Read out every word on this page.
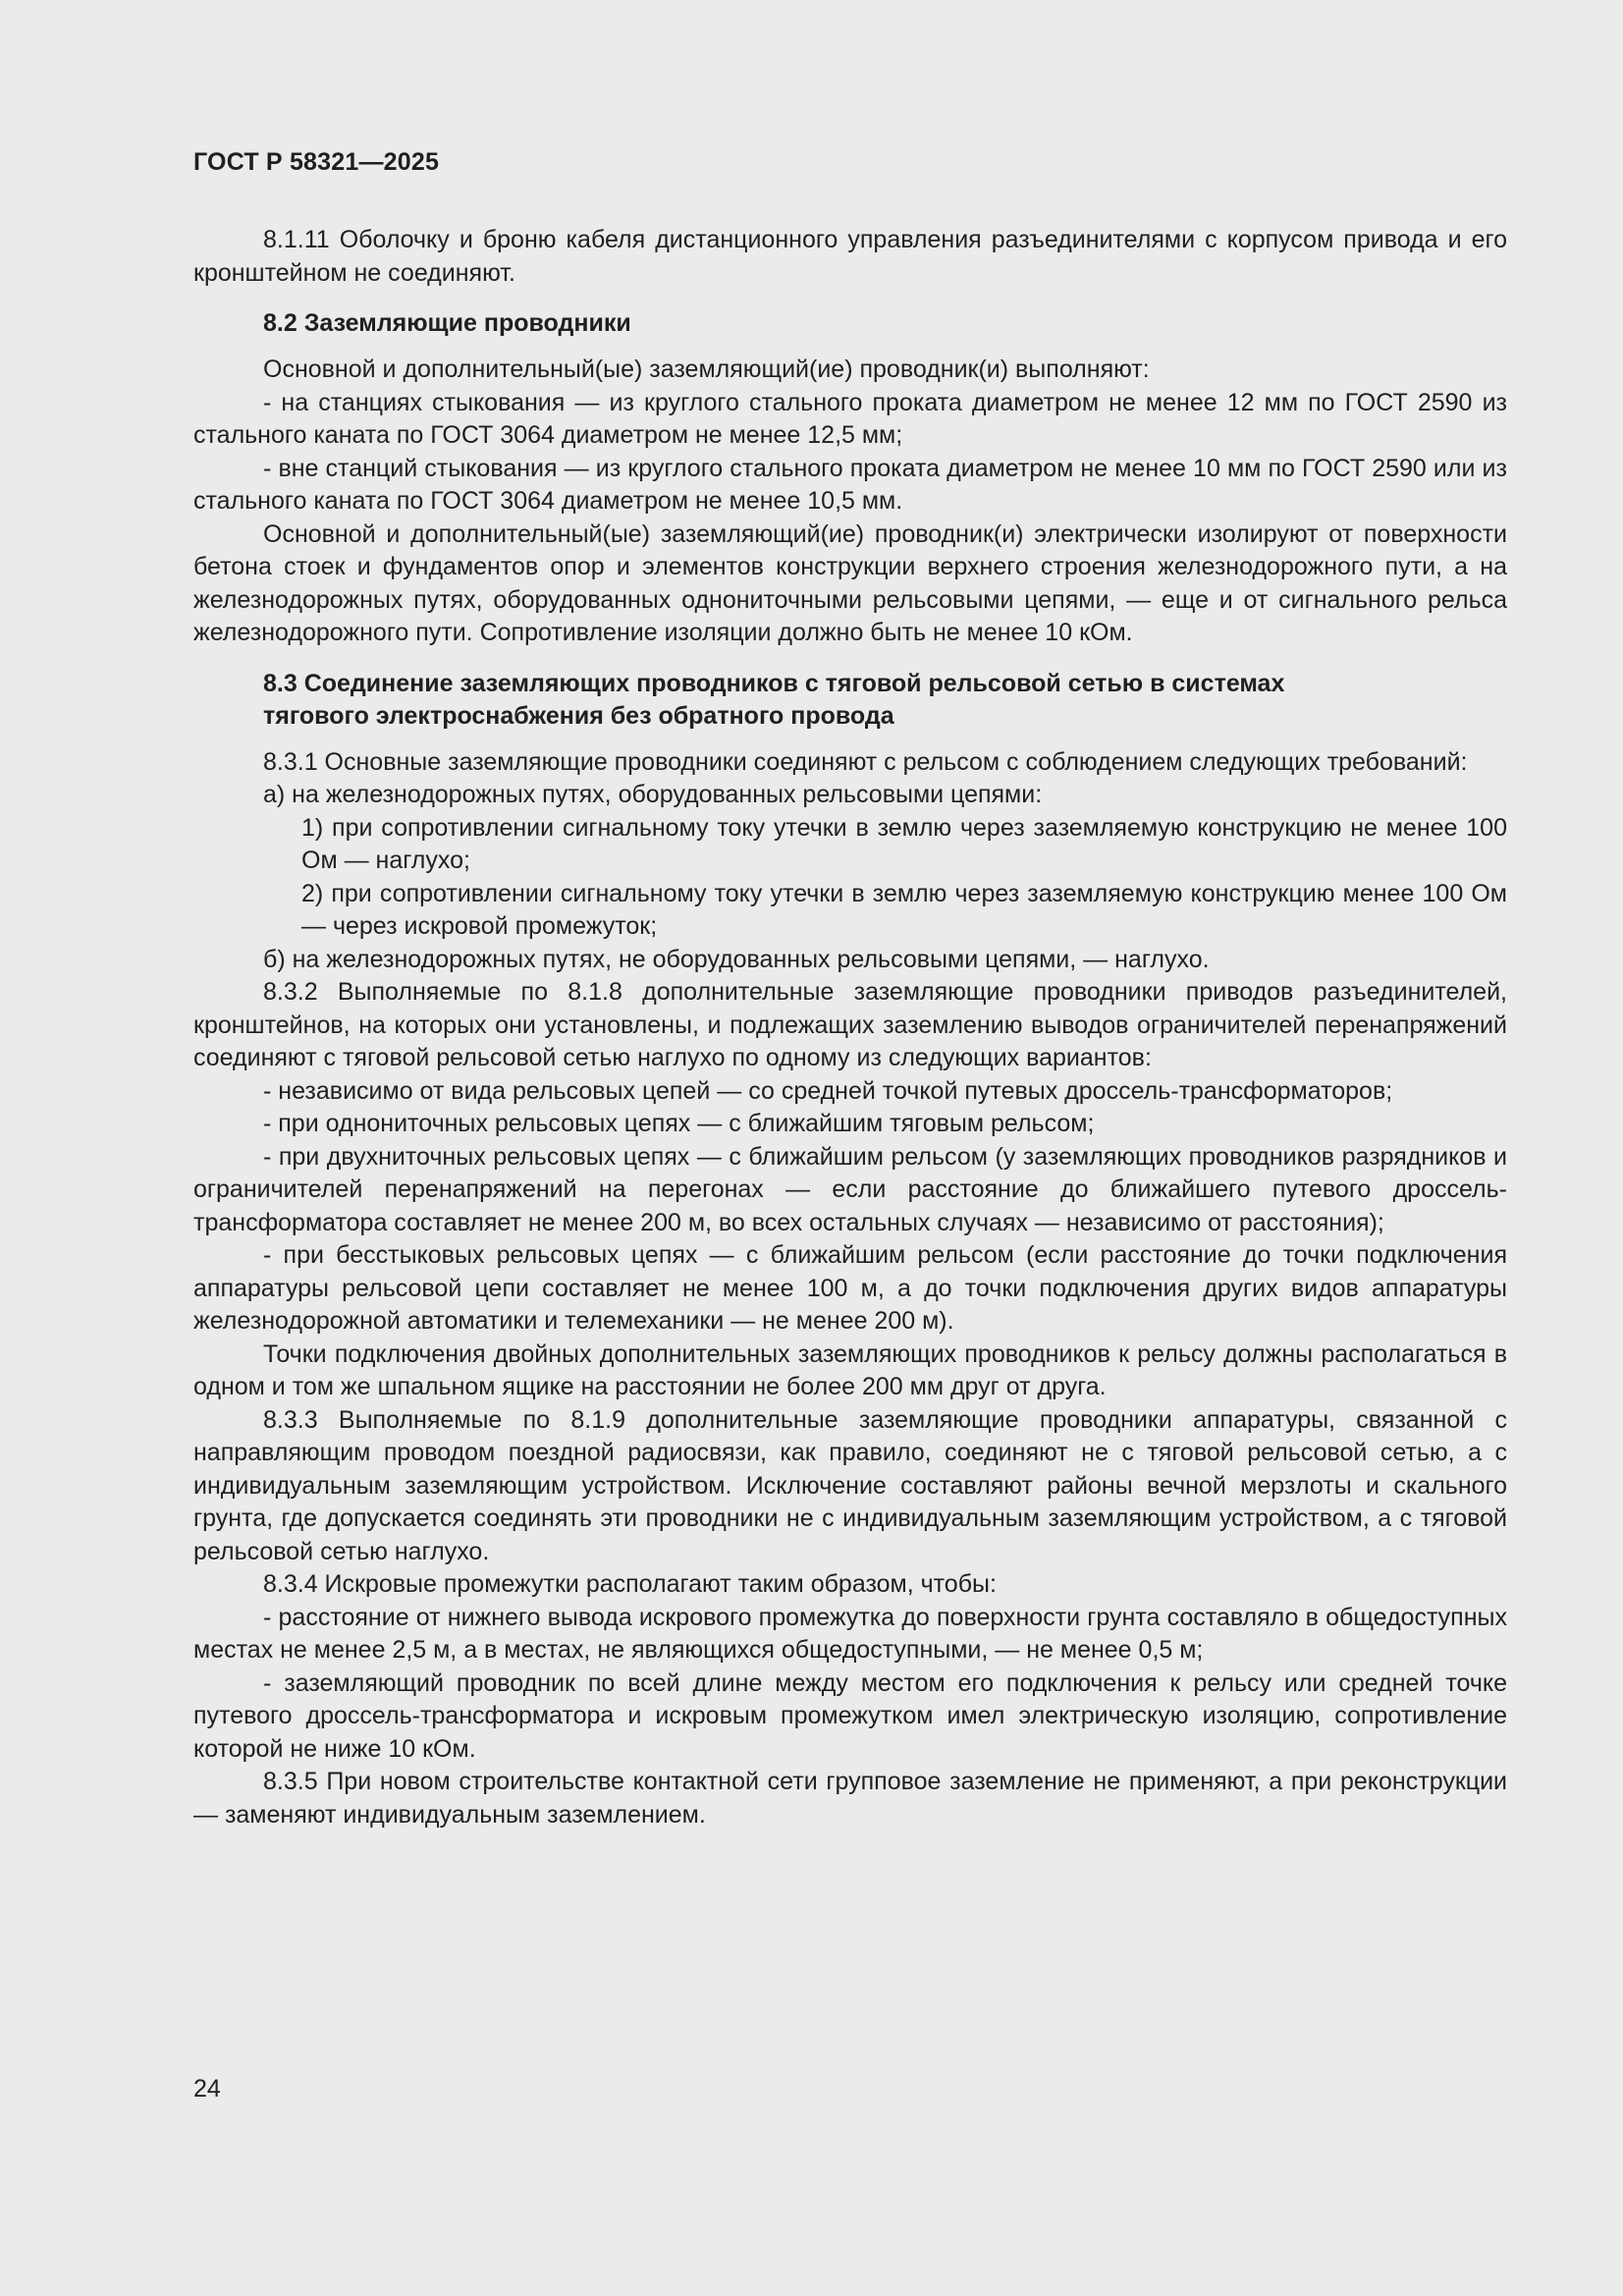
ГОСТ Р 58321—2025

8.1.11 Оболочку и броню кабеля дистанционного управления разъединителями с корпусом привода и его кронштейном не соединяют.

8.2 Заземляющие проводники

Основной и дополнительный(ые) заземляющий(ие) проводник(и) выполняют:

- на станциях стыкования — из круглого стального проката диаметром не менее 12 мм по ГОСТ 2590 из стального каната по ГОСТ 3064 диаметром не менее 12,5 мм;

- вне станций стыкования — из круглого стального проката диаметром не менее 10 мм по ГОСТ 2590 или из стального каната по ГОСТ 3064 диаметром не менее 10,5 мм.

Основной и дополнительный(ые) заземляющий(ие) проводник(и) электрически изолируют от поверхности бетона стоек и фундаментов опор и элементов конструкции верхнего строения железнодорожного пути, а на железнодорожных путях, оборудованных однониточными рельсовыми цепями, — еще и от сигнального рельса железнодорожного пути. Сопротивление изоляции должно быть не менее 10 кОм.

8.3 Соединение заземляющих проводников с тяговой рельсовой сетью в системах

тягового электроснабжения без обратного провода

8.3.1 Основные заземляющие проводники соединяют с рельсом с соблюдением следующих требований:

а) на железнодорожных путях, оборудованных рельсовыми цепями:

1) при сопротивлении сигнальному току утечки в землю через заземляемую конструкцию не менее 100 Ом — наглухо;

2) при сопротивлении сигнальному току утечки в землю через заземляемую конструкцию менее 100 Ом — через искровой промежуток;

б) на железнодорожных путях, не оборудованных рельсовыми цепями, — наглухо.

8.3.2 Выполняемые по 8.1.8 дополнительные заземляющие проводники приводов разъединителей, кронштейнов, на которых они установлены, и подлежащих заземлению выводов ограничителей перенапряжений соединяют с тяговой рельсовой сетью наглухо по одному из следующих вариантов:

- независимо от вида рельсовых цепей — со средней точкой путевых дроссель-трансформаторов;

- при однониточных рельсовых цепях — с ближайшим тяговым рельсом;

- при двухниточных рельсовых цепях — с ближайшим рельсом (у заземляющих проводников разрядников и ограничителей перенапряжений на перегонах — если расстояние до ближайшего путевого дроссель-трансформатора составляет не менее 200 м, во всех остальных случаях — независимо от расстояния);

- при бесстыковых рельсовых цепях — с ближайшим рельсом (если расстояние до точки подключения аппаратуры рельсовой цепи составляет не менее 100 м, а до точки подключения других видов аппаратуры железнодорожной автоматики и телемеханики — не менее 200 м).

Точки подключения двойных дополнительных заземляющих проводников к рельсу должны располагаться в одном и том же шпальном ящике на расстоянии не более 200 мм друг от друга.

8.3.3 Выполняемые по 8.1.9 дополнительные заземляющие проводники аппаратуры, связанной с направляющим проводом поездной радиосвязи, как правило, соединяют не с тяговой рельсовой сетью, а с индивидуальным заземляющим устройством. Исключение составляют районы вечной мерзлоты и скального грунта, где допускается соединять эти проводники не с индивидуальным заземляющим устройством, а с тяговой рельсовой сетью наглухо.

8.3.4 Искровые промежутки располагают таким образом, чтобы:

- расстояние от нижнего вывода искрового промежутка до поверхности грунта составляло в общедоступных местах не менее 2,5 м, а в местах, не являющихся общедоступными, — не менее 0,5 м;

- заземляющий проводник по всей длине между местом его подключения к рельсу или средней точке путевого дроссель-трансформатора и искровым промежутком имел электрическую изоляцию, сопротивление которой не ниже 10 кОм.

8.3.5 При новом строительстве контактной сети групповое заземление не применяют, а при реконструкции — заменяют индивидуальным заземлением.

24
